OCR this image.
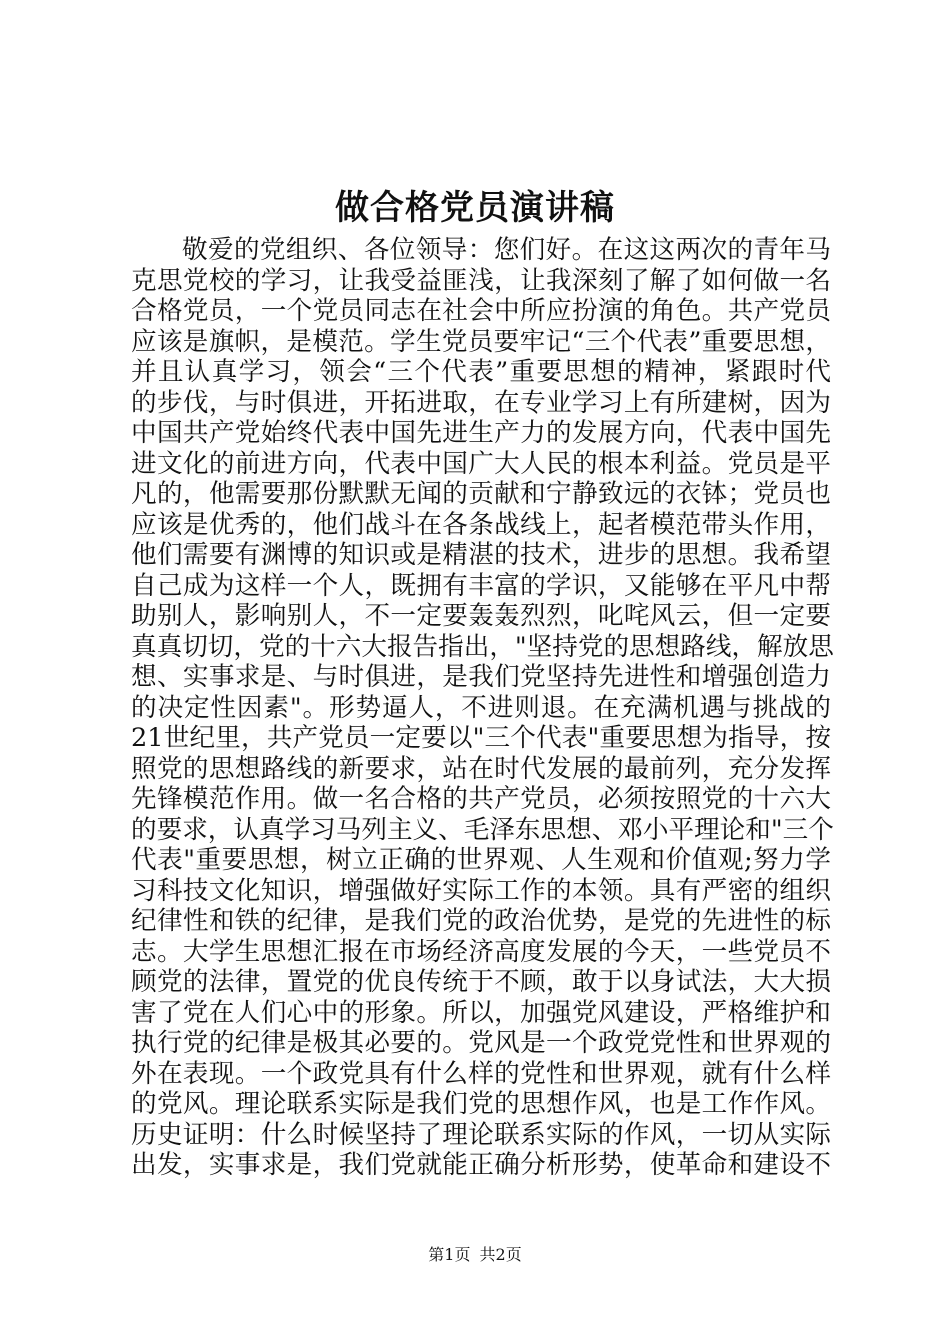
做合格党员演讲稿
敬爱的党组织、各位领导：您们好。在这这两次的青年马
克思党校的学习，让我受益匪浅，让我深刻了解了如何做一名
合格党员，一个党员同志在社会中所应扮演的角色。共产党员
应该是旗帜，是模范。学生党员要牢记“三个代表”重要思想，
并且认真学习，领会“三个代表”重要思想的精神，紧跟时代
的步伐，与时俱进，开拓进取，在专业学习上有所建树，因为
中国共产党始终代表中国先进生产力的发展方向，代表中国先
进文化的前进方向，代表中国广大人民的根本利益。党员是平
凡的，他需要那份默默无闻的贡献和宁静致远的衣钵；党员也
应该是优秀的，他们战斗在各条战线上，起者模范带头作用，
他们需要有渊博的知识或是精湛的技术，进步的思想。我希望
自己成为这样一个人，既拥有丰富的学识，又能够在平凡中帮
助别人，影响别人，不一定要轰轰烈烈，叱咤风云，但一定要
真真切切，党的十六大报告指出，"坚持党的思想路线，解放思
想、实事求是、与时俱进，是我们党坚持先进性和增强创造力
的决定性因素"。形势逼人，不进则退。在充满机遇与挑战的
21世纪里，共产党员一定要以"三个代表"重要思想为指导，按
照党的思想路线的新要求，站在时代发展的最前列，充分发挥
先锋模范作用。做一名合格的共产党员，必须按照党的十六大
的要求，认真学习马列主义、毛泽东思想、邓小平理论和"三个
代表"重要思想，树立正确的世界观、人生观和价值观;努力学
习科技文化知识，增强做好实际工作的本领。具有严密的组织
纪律性和铁的纪律，是我们党的政治优势，是党的先进性的标
志。大学生思想汇报在市场经济高度发展的今天，一些党员不
顾党的法律，置党的优良传统于不顾，敢于以身试法，大大损
害了党在人们心中的形象。所以，加强党风建设，严格维护和
执行党的纪律是极其必要的。党风是一个政党党性和世界观的
外在表现。一个政党具有什么样的党性和世界观，就有什么样
的党风。理论联系实际是我们党的思想作风，也是工作作风。
历史证明：什么时候坚持了理论联系实际的作风，一切从实际
出发，实事求是，我们党就能正确分析形势，使革命和建设不
第1页 共2页
